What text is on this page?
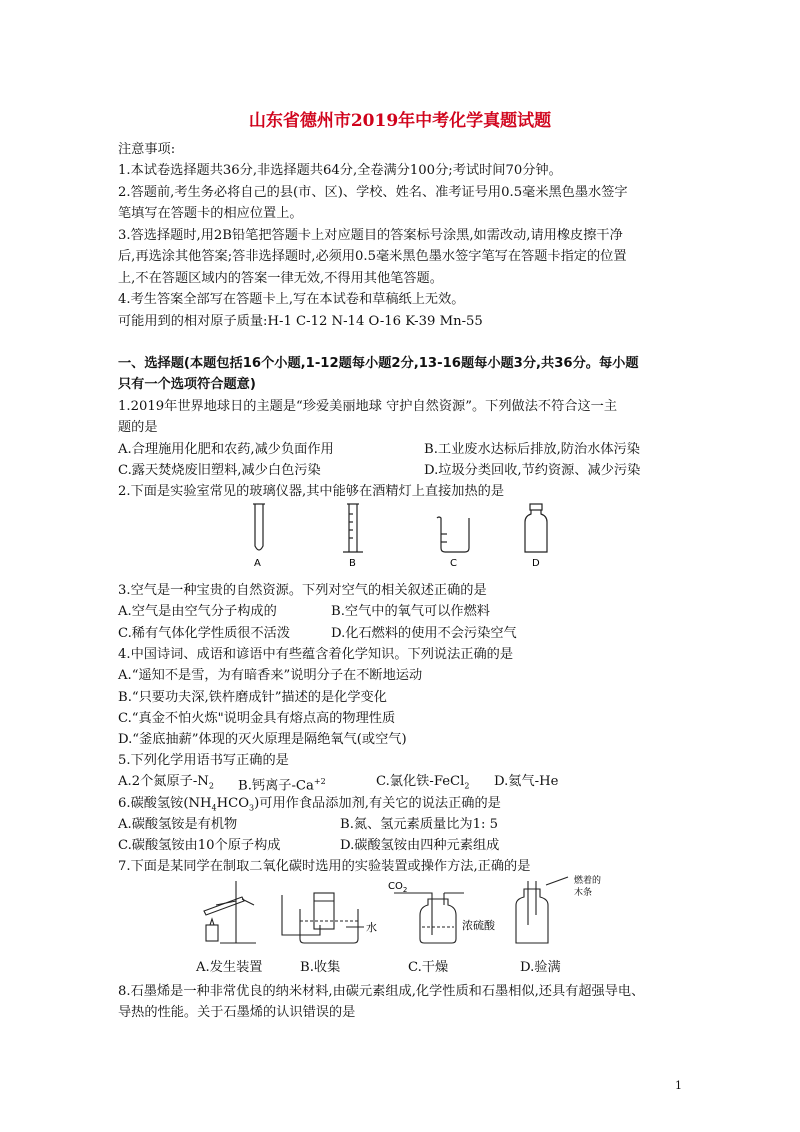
山东省德州市2019年中考化学真题试题
注意事项:
1.本试卷选择题共36分,非选择题共64分,全卷满分100分;考试时间70分钟。
2.答题前,考生务必将自己的县(市、区)、学校、姓名、准考证号用0.5毫米黑色墨水签字
笔填写在答题卡的相应位置上。
3.答选择题时,用2B铅笔把答题卡上对应题目的答案标号涂黑,如需改动,请用橡皮擦干净
后,再选涂其他答案;答非选择题时,必须用0.5毫米黑色墨水签字笔写在答题卡指定的位置
上,不在答题区域内的答案一律无效,不得用其他笔答题。
4.考生答案全部写在答题卡上,写在本试卷和草稿纸上无效。
可能用到的相对原子质量:H-1 C-12 N-14 O-16 K-39 Mn-55
一、选择题(本题包括16个小题,1-12题每小题2分,13-16题每小题3分,共36分。每小题
只有一个选项符合题意)
1.2019年世界地球日的主题是“珍爱美丽地球 守护自然资源”。下列做法不符合这一主
题的是
A.合理施用化肥和农药,减少负面作用	B.工业废水达标后排放,防治水体污染
C.露天焚烧废旧塑料,减少白色污染	D.垃圾分类回收,节约资源、减少污染
2.下面是实验室常见的玻璃仪器,其中能够在酒精灯上直接加热的是
A	B	C	D
3.空气是一种宝贵的自然资源。下列对空气的相关叙述正确的是
A.空气是由空气分子构成的	B.空气中的氧气可以作燃料
C.稀有气体化学性质很不活泼	D.化石燃料的使用不会污染空气
4.中国诗词、成语和谚语中有些蕴含着化学知识。下列说法正确的是
A.“遥知不是雪，为有暗香来”说明分子在不断地运动
B.“只要功夫深,铁杵磨成针”描述的是化学变化
C.“真金不怕火炼"说明金具有熔点高的物理性质
D.“釜底抽薪”体现的灭火原理是隔绝氧气(或空气)
5.下列化学用语书写正确的是
A.2个氮原子$-N_2$ B.钙离子$-Ca^{+2}$	C.氯化铁-FeCl$_2$ D.氦气-He
6.碳酸氢铵$(NH_4HCO_3)$可用作食品添加剂,有关它的说法正确的是
A.碳酸氢铵是有机物	B.氮、氢元素质量比为1: 5
C.碳酸氢铵由10个原子构成	D.碳酸氢铵由四种元素组成
7.下面是某同学在制取二氧化碳时选用的实验装置或操作方法,正确的是
水
$CO_2$
浓硫酸
燃着的
木条
A.发生装置	B.收集	C.干燥	D.验满
8.石墨烯是一种非常优良的纳米材料,由碳元素组成,化学性质和石墨相似,还具有超强导电、
导热的性能。关于石墨烯的认识错误的是
1
